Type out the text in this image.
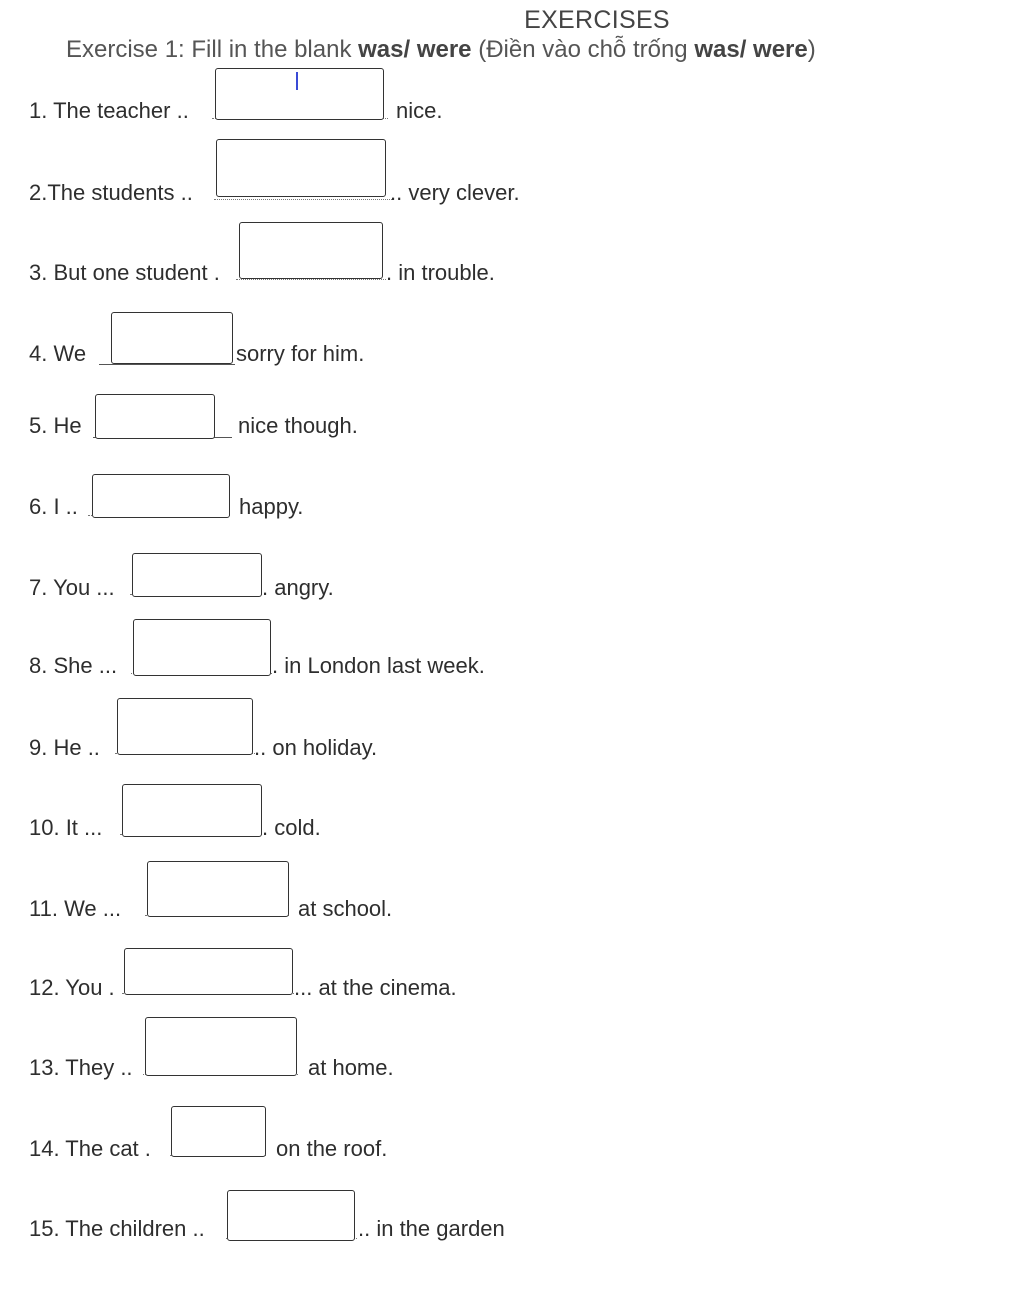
EXERCISES
Exercise 1: Fill in the blank was/ were (Điền vào chỗ trống was/ were)
1. The teacher ..	nice.
2.The students ..	.. very clever.
3. But one student .	. in trouble.
4. We	sorry for him.
5. He	nice though.
6. I ..	happy.
7. You ...	. angry.
8. She ...	. in London last week.
9. He ..	.. on holiday.
10. It ...	. cold.
11. We ...	at school.
12. You .	... at the cinema.
13. They ..	at home.
14. The cat .	on the roof.
15. The children ..	.. in the garden
